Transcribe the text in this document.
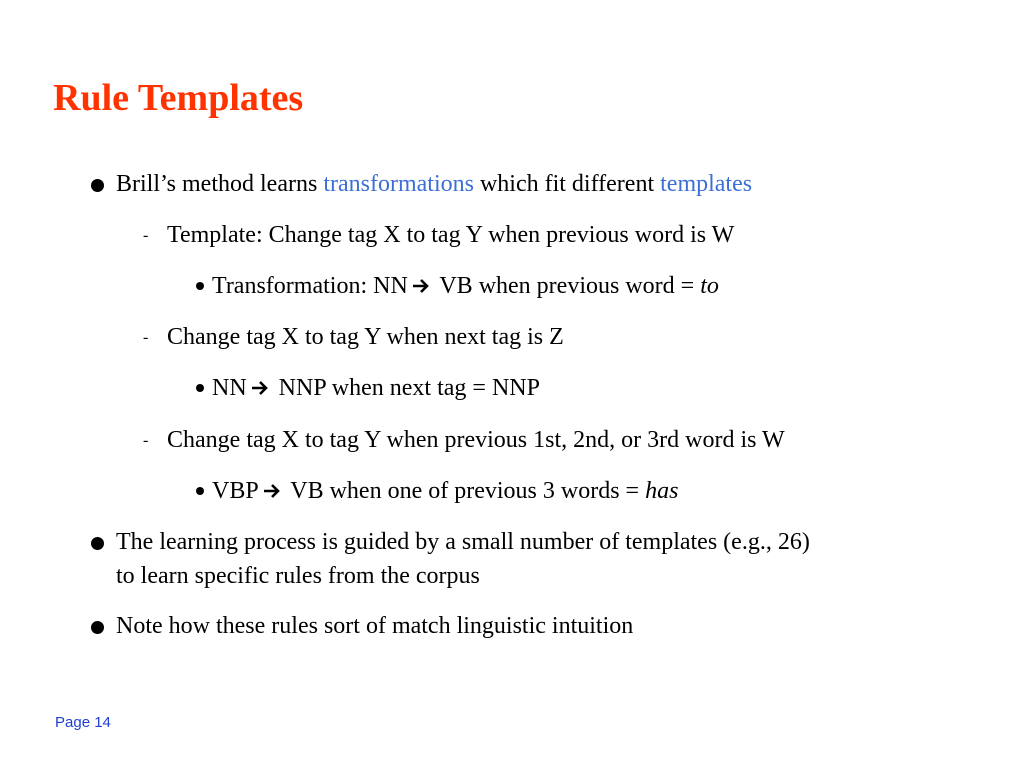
Rule Templates
Brill’s method learns transformations which fit different templates
- Template: Change tag X to tag Y when previous word is W
Transformation: NN VB when previous word = to
- Change tag X to tag Y when next tag is Z
NN NNP when next tag = NNP
- Change tag X to tag Y when previous 1st, 2nd, or 3rd word is W
VBP VB when one of previous 3 words = has
The learning process is guided by a small number of templates (e.g., 26)
to learn specific rules from the corpus
Note how these rules sort of match linguistic intuition
Page 14
